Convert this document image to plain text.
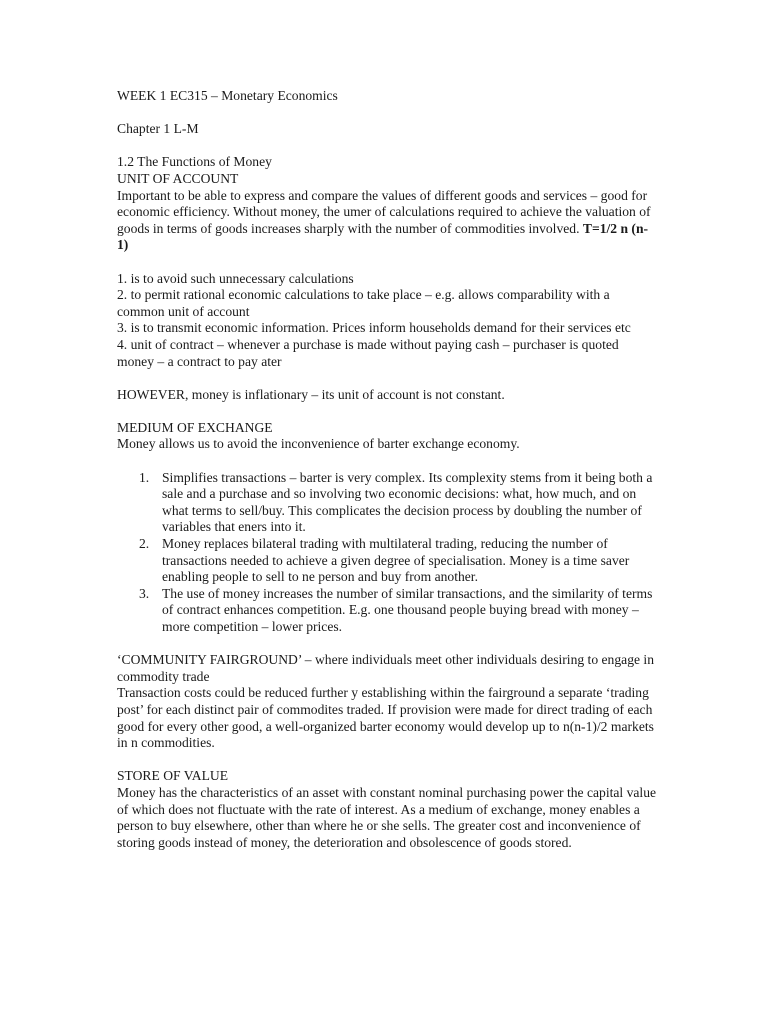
WEEK 1 EC315 – Monetary Economics

Chapter 1 L-M

1.2 The Functions of Money

UNIT OF ACCOUNT

Important to be able to express and compare the values of different goods and services – good for economic efficiency. Without money, the umer of calculations required to achieve the valuation of goods in terms of goods increases sharply with the number of commodities involved. T=1/2 n (n-1)

1. is to avoid such unnecessary calculations

2. to permit rational economic calculations to take place – e.g. allows comparability with a common unit of account

3. is to transmit economic information. Prices inform households demand for their services etc

4. unit of contract – whenever a purchase is made without paying cash – purchaser is quoted money – a contract to pay ater

HOWEVER, money is inflationary – its unit of account is not constant.

MEDIUM OF EXCHANGE

Money allows us to avoid the inconvenience of barter exchange economy.

1. Simplifies transactions – barter is very complex. Its complexity stems from it being both a sale and a purchase and so involving two economic decisions: what, how much, and on what terms to sell/buy. This complicates the decision process by doubling the number of variables that eners into it.
2. Money replaces bilateral trading with multilateral trading, reducing the number of transactions needed to achieve a given degree of specialisation. Money is a time saver enabling people to sell to ne person and buy from another.
3. The use of money increases the number of similar transactions, and the similarity of terms of contract enhances competition. E.g. one thousand people buying bread with money – more competition – lower prices.

‘COMMUNITY FAIRGROUND’ – where individuals meet other individuals desiring to engage in commodity trade

Transaction costs could be reduced further y establishing within the fairground a separate ‘trading post’ for each distinct pair of commodites traded. If provision were made for direct trading of each good for every other good, a well-organized barter economy would develop up to n(n-1)/2 markets in n commodities.

STORE OF VALUE

Money has the characteristics of an asset with constant nominal purchasing power the capital value of which does not fluctuate with the rate of interest. As a medium of exchange, money enables a person to buy elsewhere, other than where he or she sells. The greater cost and inconvenience of storing goods instead of money, the deterioration and obsolescence of goods stored.
